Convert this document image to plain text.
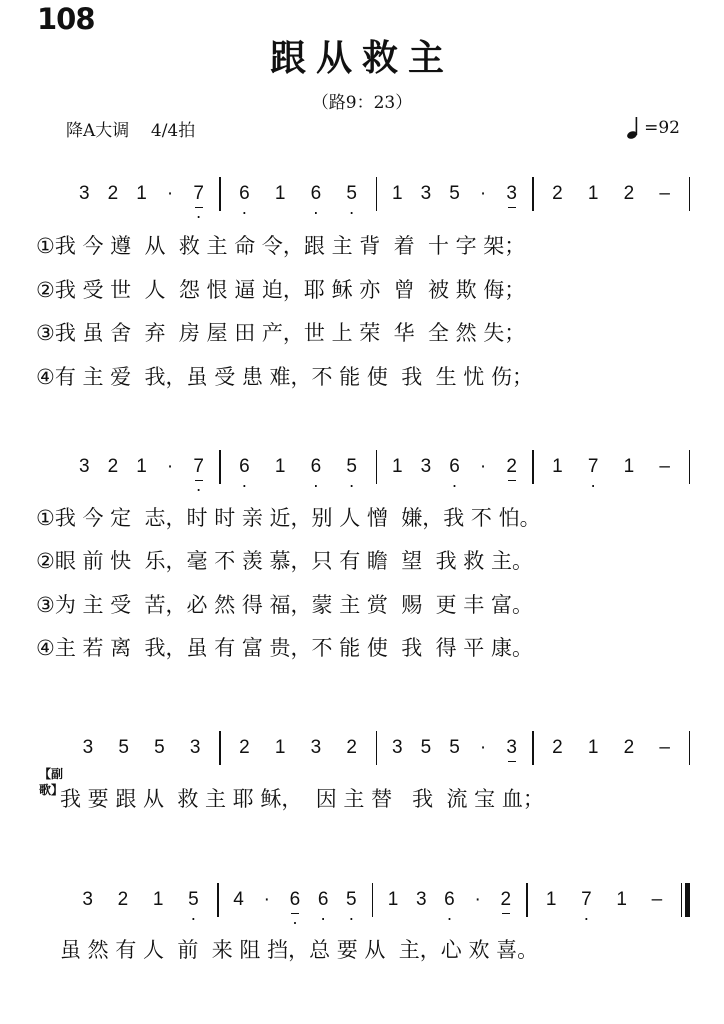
108
跟从救主
（路9：23）
降A大调    4/4拍	=92
3 2 1 · · 7 · 6 1 · 6 · 5 1 3 5 · 3 2 1 2 –
①我 今 遵  从  救 主 命 令，跟 主 背  着  十 字 架；
②我 受 世  人  怨 恨 逼 迫，耶 稣 亦  曾  被 欺 侮；
③我 虽 舍  弃  房 屋 田 产，世 上 荣  华  全 然 失；
④有 主 爱  我，虽 受 患 难，不 能 使  我  生 忧 伤；
3 2 1 · · 7 · 6 1 · 6 · 5 1 3 · 6 · 2 1 · 7 1 –
①我 今 定  志，时 时 亲 近，别 人 憎  嫌，我 不 怕。
②眼 前 快  乐，毫 不 羡 慕，只 有 瞻  望  我 救 主。
③为 主 受  苦，必 然 得 福，蒙 主 赏  赐  更 丰 富。
④主 若 离  我，虽 有 富 贵，不 能 使  我  得 平 康。
3 5 5 3 2 1 3 2 3 5 5 · 3 2 1 2 –
【副歌】
我 要 跟 从  救 主 耶 稣，  因 主 替   我  流 宝 血；
3 2 1 · 5 4 · · 6 · 6 · 5 1 3 · 6 · 2 1 · 7 1 –
虽 然 有 人  前  来 阻 挡，总 要 从  主，心 欢 喜。
